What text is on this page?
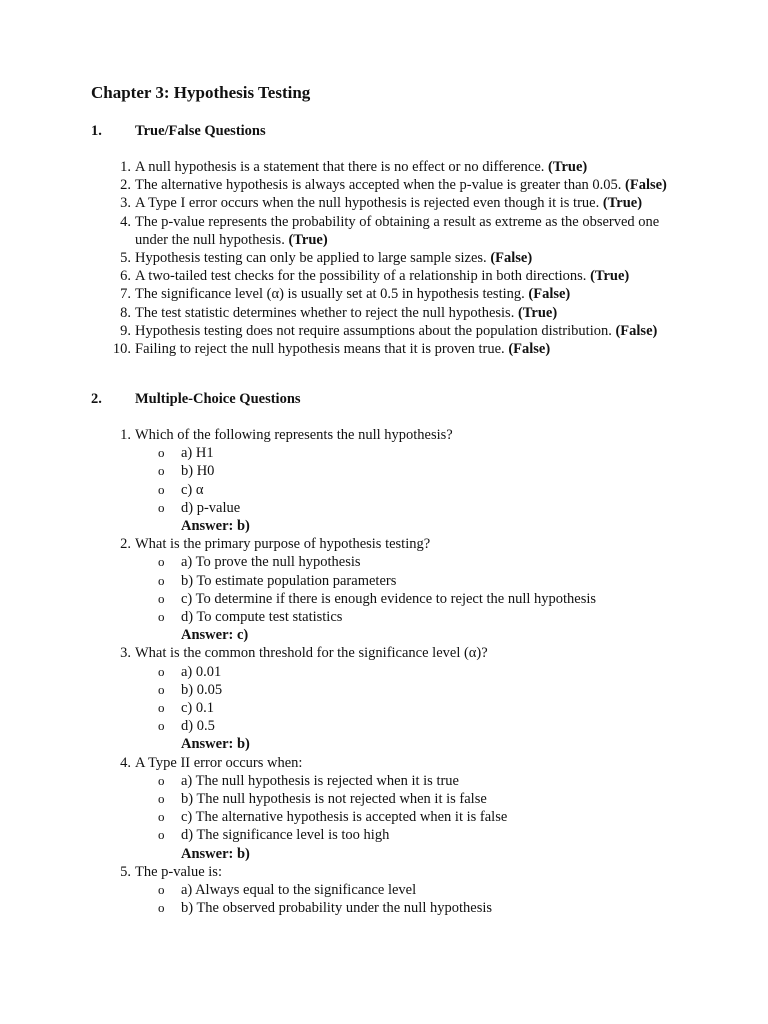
Chapter 3: Hypothesis Testing
1. True/False Questions
1. A null hypothesis is a statement that there is no effect or no difference. (True)
2. The alternative hypothesis is always accepted when the p-value is greater than 0.05. (False)
3. A Type I error occurs when the null hypothesis is rejected even though it is true. (True)
4. The p-value represents the probability of obtaining a result as extreme as the observed one under the null hypothesis. (True)
5. Hypothesis testing can only be applied to large sample sizes. (False)
6. A two-tailed test checks for the possibility of a relationship in both directions. (True)
7. The significance level (α) is usually set at 0.5 in hypothesis testing. (False)
8. The test statistic determines whether to reject the null hypothesis. (True)
9. Hypothesis testing does not require assumptions about the population distribution. (False)
10. Failing to reject the null hypothesis means that it is proven true. (False)
2. Multiple-Choice Questions
1. Which of the following represents the null hypothesis?
o a) H1
o b) H0
o c) α
o d) p-value
Answer: b)
2. What is the primary purpose of hypothesis testing?
o a) To prove the null hypothesis
o b) To estimate population parameters
o c) To determine if there is enough evidence to reject the null hypothesis
o d) To compute test statistics
Answer: c)
3. What is the common threshold for the significance level (α)?
o a) 0.01
o b) 0.05
o c) 0.1
o d) 0.5
Answer: b)
4. A Type II error occurs when:
o a) The null hypothesis is rejected when it is true
o b) The null hypothesis is not rejected when it is false
o c) The alternative hypothesis is accepted when it is false
o d) The significance level is too high
Answer: b)
5. The p-value is:
o a) Always equal to the significance level
o b) The observed probability under the null hypothesis
